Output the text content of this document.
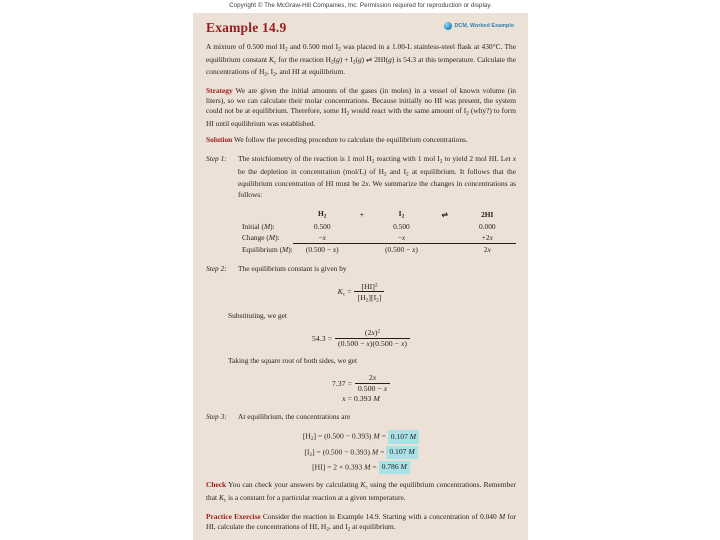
Copyright © The McGraw-Hill Companies, Inc. Permission required for reproduction or display.
Example 14.9	DCM, Worked Example

A mixture of 0.500 mol $H_2$ and 0.500 mol $I_2$ was placed in a 1.00-L stainless-steel flask at 430°C. The equilibrium constant $K_c$ for the reaction $H_2(g) + I_2(g)$ ⇌ 2HI(g) is 54.3 at this temperature. Calculate the concentrations of $H_2$, $I_2$, and HI at equilibrium.

Strategy We are given the initial amounts of the gases (in moles) in a vessel of known volume (in liters), so we can calculate their molar concentrations. Because initially no HI was present, the system could not be at equilibrium. Therefore, some $H_2$ would react with the same amount of $I_2$ (why?) to form HI until equilibrium was established.

Solution We follow the preceding procedure to calculate the equilibrium concentrations.

Step 1:	The stoichiometry of the reaction is 1 mol $H_2$ reacting with 1 mol $I_2$ to yield 2 mol HI. Let x be the depletion in concentration (mol/L) of $H_2$ and $I_2$ at equilibrium. It follows that the equilibrium concentration of HI must be 2x. We summarize the changes in concentrations as follows:
	$H_2$	+	$I_2$	⇌	2HI
Initial (M):	0.500		0.500		0.000
Change (M):	−x		−x		+2x
Equilibrium (M):	(0.500 − x)		(0.500 − x)		2x
Step 2:	The equilibrium constant is given by
$K_c = \frac{[HI]^2}{[H_2][I_2]}$
Substituting, we get
$54.3 = \frac{(2x)^2}{(0.500 - x)(0.500 - x)}$
Taking the square root of both sides, we get
$7.37 = \frac{2x}{0.500 - x}$
x = 0.393 M
Step 3:	At equilibrium, the concentrations are
$[H_2] = (0.500 - 0.393) M = 0.107$ M
$[I_2] = (0.500 - 0.393) M = 0.107$ M
[HI] = 2 × 0.393 M = 0.786 M

Check You can check your answers by calculating $K_c$ using the equilibrium concentrations. Remember that $K_c$ is a constant for a particular reaction at a given temperature.

Practice Exercise Consider the reaction in Example 14.9. Starting with a concentration of 0.040 M for HI, calculate the concentrations of HI, $H_2$, and $I_2$ at equilibrium.
